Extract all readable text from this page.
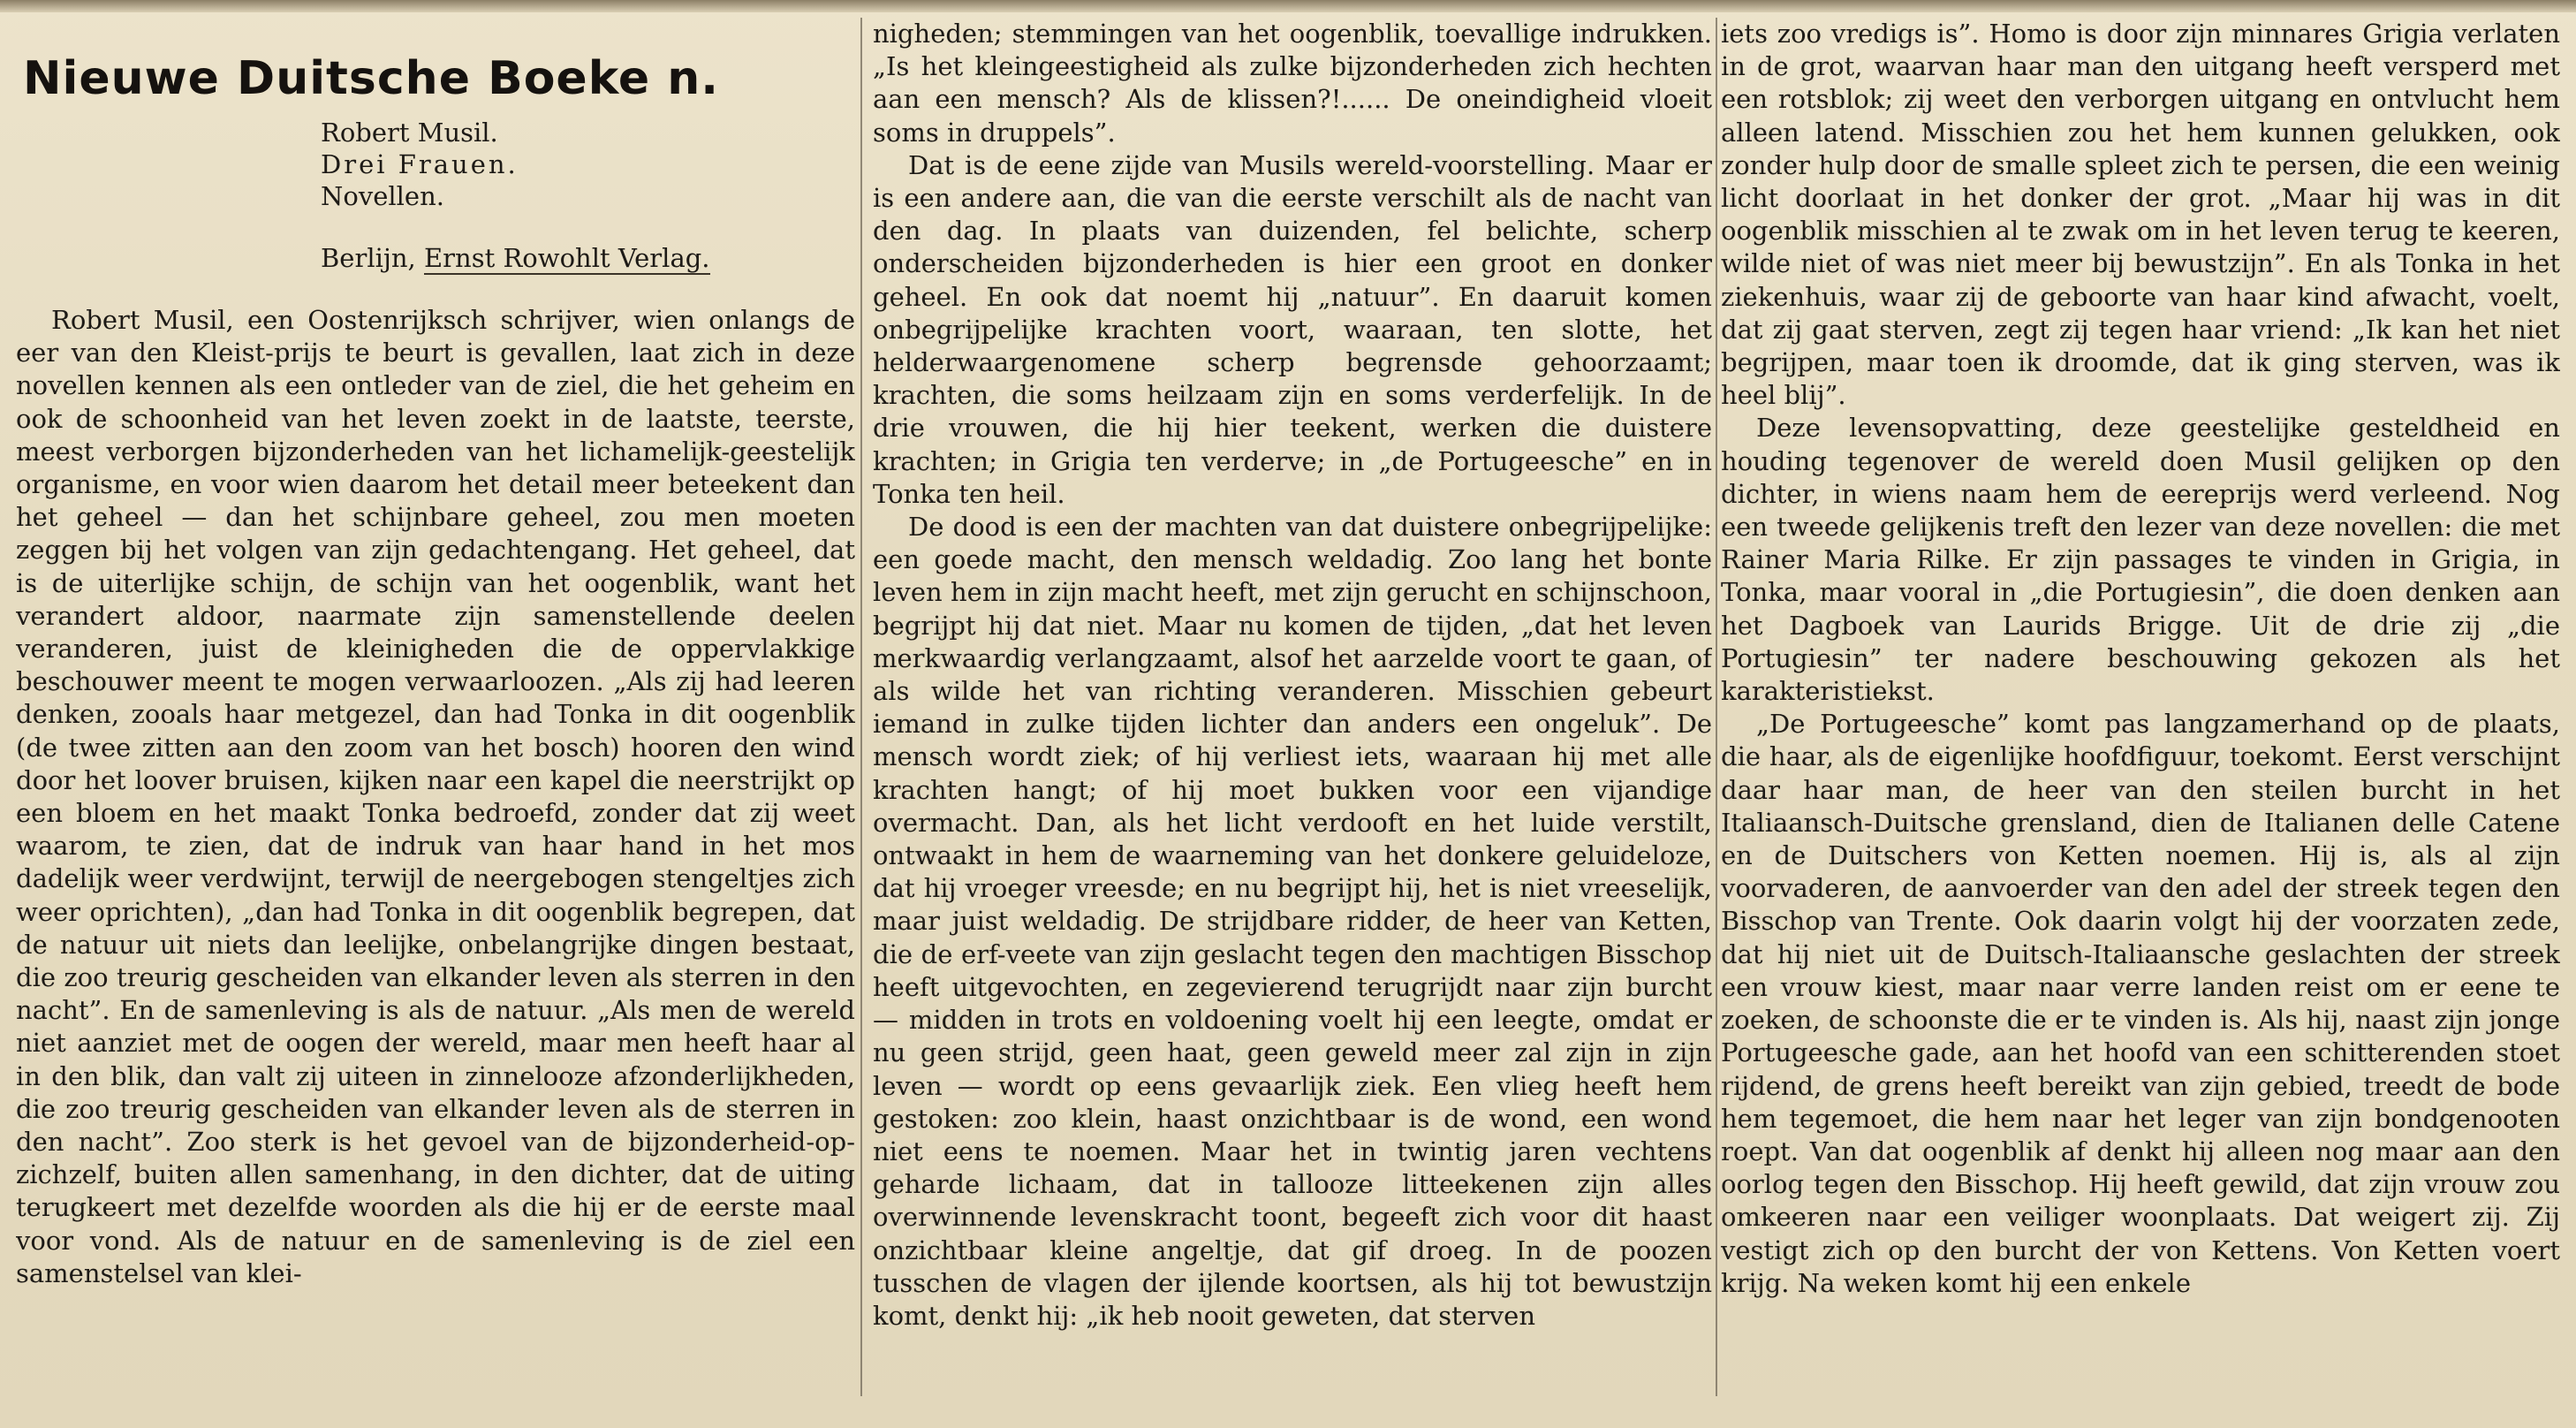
Nieuwe Duitsche Boeke n.
Robert Musil.
Drei Frauen.
Novellen.
Berlijn, Ernst Rowohlt Verlag.

Robert Musil, een Oostenrijksch schrijver, wien onlangs de eer van den Kleist-prijs te beurt is gevallen, laat zich in deze novellen kennen als een ontleder van de ziel, die het geheim en ook de schoonheid van het leven zoekt in de laatste, teerste, meest verborgen bijzonderheden van het lichamelijk-geestelijk organisme, en voor wien daarom het detail meer beteekent dan het geheel — dan het schijnbare geheel, zou men moeten zeggen bij het volgen van zijn gedachtengang. Het geheel, dat is de uiterlijke schijn, de schijn van het oogenblik, want het verandert aldoor, naarmate zijn samenstellende deelen veranderen, juist de kleinigheden die de oppervlakkige beschouwer meent te mogen verwaarloozen. „Als zij had leeren denken, zooals haar metgezel, dan had Tonka in dit oogenblik (de twee zitten aan den zoom van het bosch) hooren den wind door het loover bruisen, kijken naar een kapel die neerstrijkt op een bloem en het maakt Tonka bedroefd, zonder dat zij weet waarom, te zien, dat de indruk van haar hand in het mos dadelijk weer verdwijnt, terwijl de neergebogen stengeltjes zich weer oprichten), „dan had Tonka in dit oogenblik begrepen, dat de natuur uit niets dan leelijke, onbelangrijke dingen bestaat, die zoo treurig gescheiden van elkander leven als sterren in den nacht”. En de samenleving is als de natuur. „Als men de wereld niet aanziet met de oogen der wereld, maar men heeft haar al in den blik, dan valt zij uiteen in zinnelooze afzonderlijkheden, die zoo treurig gescheiden van elkander leven als de sterren in den nacht”. Zoo sterk is het gevoel van de bijzonderheid-op-zichzelf, buiten allen samenhang, in den dichter, dat de uiting terugkeert met dezelfde woorden als die hij er de eerste maal voor vond. Als de natuur en de samenleving is de ziel een samenstelsel van klei-

nigheden; stemmingen van het oogenblik, toevallige indrukken. „Is het kleingeestigheid als zulke bijzonderheden zich hechten aan een mensch? Als de klissen?!...... De oneindigheid vloeit soms in druppels”.

Dat is de eene zijde van Musils wereld-voorstelling. Maar er is een andere aan, die van die eerste verschilt als de nacht van den dag. In plaats van duizenden, fel belichte, scherp onderscheiden bijzonderheden is hier een groot en donker geheel. En ook dat noemt hij „natuur”. En daaruit komen onbegrijpelijke krachten voort, waaraan, ten slotte, het helderwaargenomene scherp begrensde gehoorzaamt; krachten, die soms heilzaam zijn en soms verderfelijk. In de drie vrouwen, die hij hier teekent, werken die duistere krachten; in Grigia ten verderve; in „de Portugeesche” en in Tonka ten heil.

De dood is een der machten van dat duistere onbegrijpelijke: een goede macht, den mensch weldadig. Zoo lang het bonte leven hem in zijn macht heeft, met zijn gerucht en schijnschoon, begrijpt hij dat niet. Maar nu komen de tijden, „dat het leven merkwaardig verlangzaamt, alsof het aarzelde voort te gaan, of als wilde het van richting veranderen. Misschien gebeurt iemand in zulke tijden lichter dan anders een ongeluk”. De mensch wordt ziek; of hij verliest iets, waaraan hij met alle krachten hangt; of hij moet bukken voor een vijandige overmacht. Dan, als het licht verdooft en het luide verstilt, ontwaakt in hem de waarneming van het donkere geluideloze, dat hij vroeger vreesde; en nu begrijpt hij, het is niet vreeselijk, maar juist weldadig. De strijdbare ridder, de heer van Ketten, die de erf-veete van zijn geslacht tegen den machtigen Bisschop heeft uitgevochten, en zegevierend terugrijdt naar zijn burcht — midden in trots en voldoening voelt hij een leegte, omdat er nu geen strijd, geen haat, geen geweld meer zal zijn in zijn leven — wordt op eens gevaarlijk ziek. Een vlieg heeft hem gestoken: zoo klein, haast onzichtbaar is de wond, een wond niet eens te noemen. Maar het in twintig jaren vechtens geharde lichaam, dat in tallooze litteekenen zijn alles overwinnende levenskracht toont, begeeft zich voor dit haast onzichtbaar kleine angeltje, dat gif droeg. In de poozen tusschen de vlagen der ijlende koortsen, als hij tot bewustzijn komt, denkt hij: „ik heb nooit geweten, dat sterven

iets zoo vredigs is”. Homo is door zijn minnares Grigia verlaten in de grot, waarvan haar man den uitgang heeft versperd met een rotsblok; zij weet den verborgen uitgang en ontvlucht hem alleen latend. Misschien zou het hem kunnen gelukken, ook zonder hulp door de smalle spleet zich te persen, die een weinig licht doorlaat in het donker der grot. „Maar hij was in dit oogenblik misschien al te zwak om in het leven terug te keeren, wilde niet of was niet meer bij bewustzijn”. En als Tonka in het ziekenhuis, waar zij de geboorte van haar kind afwacht, voelt, dat zij gaat sterven, zegt zij tegen haar vriend: „Ik kan het niet begrijpen, maar toen ik droomde, dat ik ging sterven, was ik heel blij”.

Deze levensopvatting, deze geestelijke gesteldheid en houding tegenover de wereld doen Musil gelijken op den dichter, in wiens naam hem de eereprijs werd verleend. Nog een tweede gelijkenis treft den lezer van deze novellen: die met Rainer Maria Rilke. Er zijn passages te vinden in Grigia, in Tonka, maar vooral in „die Portugiesin”, die doen denken aan het Dagboek van Laurids Brigge. Uit de drie zij „die Portugiesin” ter nadere beschouwing gekozen als het karakteristiekst.

„De Portugeesche” komt pas langzamerhand op de plaats, die haar, als de eigenlijke hoofdfiguur, toekomt. Eerst verschijnt daar haar man, de heer van den steilen burcht in het Italiaansch-Duitsche grensland, dien de Italianen delle Catene en de Duitschers von Ketten noemen. Hij is, als al zijn voorvaderen, de aanvoerder van den adel der streek tegen den Bisschop van Trente. Ook daarin volgt hij der voorzaten zede, dat hij niet uit de Duitsch-Italiaansche geslachten der streek een vrouw kiest, maar naar verre landen reist om er eene te zoeken, de schoonste die er te vinden is. Als hij, naast zijn jonge Portugeesche gade, aan het hoofd van een schitterenden stoet rijdend, de grens heeft bereikt van zijn gebied, treedt de bode hem tegemoet, die hem naar het leger van zijn bondgenooten roept. Van dat oogenblik af denkt hij alleen nog maar aan den oorlog tegen den Bisschop. Hij heeft gewild, dat zijn vrouw zou omkeeren naar een veiliger woonplaats. Dat weigert zij. Zij vestigt zich op den burcht der von Kettens. Von Ketten voert krijg. Na weken komt hij een enkele
